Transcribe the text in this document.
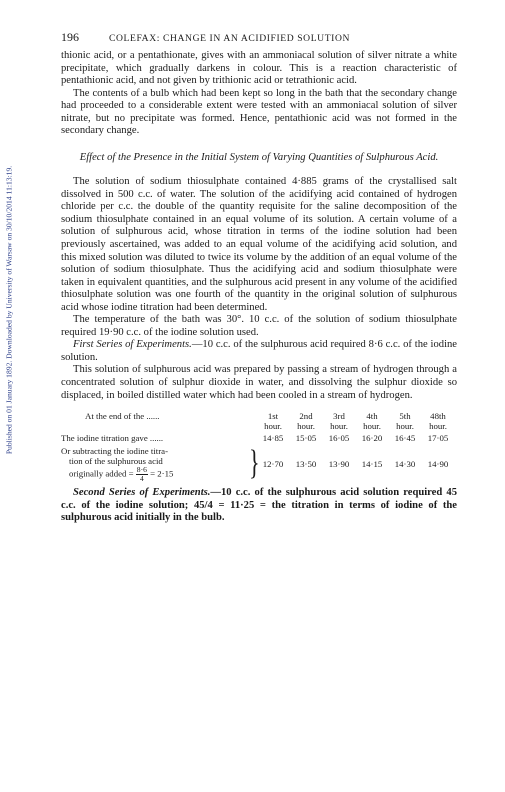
Published on 01 January 1892. Downloaded by University of Warsaw on 30/10/2014 11:13:19.
196	COLEFAX: CHANGE IN AN ACIDIFIED SOLUTION

thionic acid, or a pentathionate, gives with an ammoniacal solution of silver nitrate a white precipitate, which gradually darkens in colour. This is a reaction characteristic of pentathionic acid, and not given by trithionic acid or tetrathionic acid.

The contents of a bulb which had been kept so long in the bath that the secondary change had proceeded to a considerable extent were tested with an ammoniacal solution of silver nitrate, but no precipitate was formed. Hence, pentathionic acid was not formed in the secondary change.

Effect of the Presence in the Initial System of Varying Quantities of Sulphurous Acid.

The solution of sodium thiosulphate contained 4·885 grams of the crystallised salt dissolved in 500 c.c. of water. The solution of the acidifying acid contained of hydrogen chloride per c.c. the double of the quantity requisite for the saline decomposition of the sodium thiosulphate contained in an equal volume of its solution. A certain volume of a solution of sulphurous acid, whose titration in terms of the iodine solution had been previously ascertained, was added to an equal volume of the acidifying acid solution, and this mixed solution was diluted to twice its volume by the addition of an equal volume of the solution of sodium thiosulphate. Thus the acidifying acid and sodium thiosulphate were taken in equivalent quantities, and the sulphurous acid present in any volume of the acidified thiosulphate solution was one fourth of the quantity in the original solution of sulphurous acid whose iodine titration had been determined.

The temperature of the bath was 30°. 10 c.c. of the solution of sodium thiosulphate required 19·90 c.c. of the iodine solution used.

First Series of Experiments.—10 c.c. of the sulphurous acid required 8·6 c.c. of the iodine solution.

This solution of sulphurous acid was prepared by passing a stream of hydrogen through a concentrated solution of sulphur dioxide in water, and dissolving the sulphur dioxide so displaced, in boiled distilled water which had been cooled in a stream of hydrogen.

At the end of the ......	1st	2nd	3rd	4th	5th	48th
hour.	hour.	hour.	hour.	hour.	hour.
The iodine titration gave ......	14·85	15·05	16·05	16·20	16·45	17·05
Or subtracting the iodine titra-
tion of the sulphurous acid
originally added = $\frac{8\cdot 6}{4} = 2\cdot 15$	} 12·70	13·50	13·90	14·15	14·30	14·90

Second Series of Experiments.—10 c.c. of the sulphurous acid solution required 45 c.c. of the iodine solution; 45/4 = 11·25 = the titration in terms of iodine of the sulphurous acid initially in the bulb.
